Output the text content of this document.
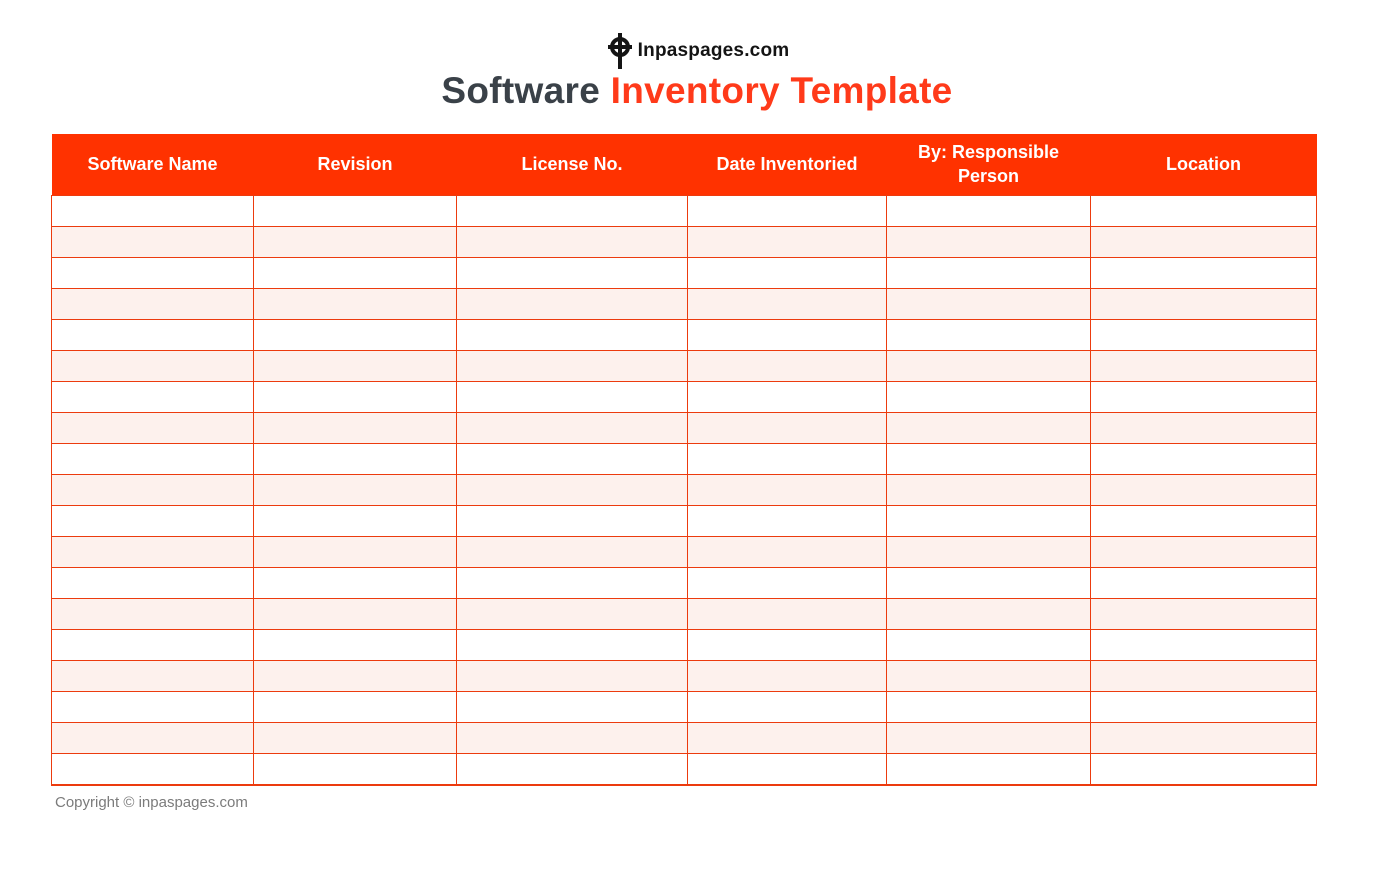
Inpaspages.com
Software Inventory Template
Software Name	Revision	License No.	Date Inventoried	By: Responsible Person	Location

Copyright © inpaspages.com
